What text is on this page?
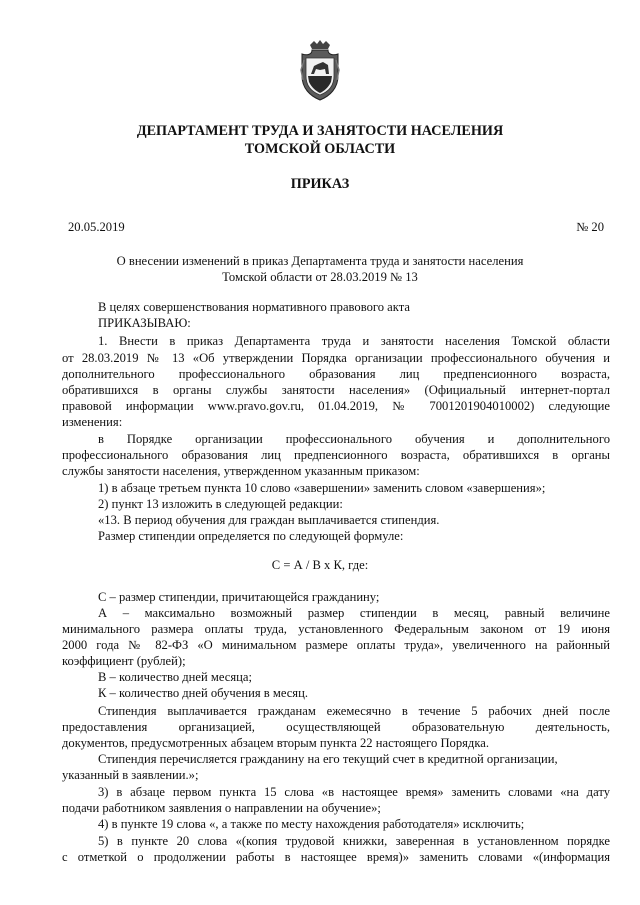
ДЕПАРТАМЕНТ ТРУДА И ЗАНЯТОСТИ НАСЕЛЕНИЯ
ТОМСКОЙ ОБЛАСТИ
ПРИКАЗ
20.05.2019	№ 20
О внесении изменений в приказ Департамента труда и занятости населения
Томской области от 28.03.2019 № 13
В целях совершенствования нормативного правового акта
ПРИКАЗЫВАЮ:
1. Внести в приказ Департамента труда и занятости населения Томской области
от 28.03.2019 № 13 «Об утверждении Порядка организации профессионального обучения и
дополнительного профессионального образования лиц предпенсионного возраста,
обратившихся в органы службы занятости населения» (Официальный интернет-портал
правовой информации www.pravo.gov.ru, 01.04.2019, № 7001201904010002) следующие
изменения:
в Порядке организации профессионального обучения и дополнительного
профессионального образования лиц предпенсионного возраста, обратившихся в органы
службы занятости населения, утвержденном указанным приказом:
1) в абзаце третьем пункта 10 слово «завершении» заменить словом «завершения»;
2) пункт 13 изложить в следующей редакции:
«13. В период обучения для граждан выплачивается стипендия.
Размер стипендии определяется по следующей формуле:
С = А / В х К, где:
С – размер стипендии, причитающейся гражданину;
А – максимально возможный размер стипендии в месяц, равный величине
минимального размера оплаты труда, установленного Федеральным законом от 19 июня
2000 года № 82-ФЗ «О минимальном размере оплаты труда», увеличенного на районный
коэффициент (рублей);
В – количество дней месяца;
К – количество дней обучения в месяц.
Стипендия выплачивается гражданам ежемесячно в течение 5 рабочих дней после
предоставления организацией, осуществляющей образовательную деятельность,
документов, предусмотренных абзацем вторым пункта 22 настоящего Порядка.
Стипендия перечисляется гражданину на его текущий счет в кредитной организации,
указанный в заявлении.»;
3) в абзаце первом пункта 15 слова «в настоящее время» заменить словами «на дату
подачи работником заявления о направлении на обучение»;
4) в пункте 19 слова «, а также по месту нахождения работодателя» исключить;
5) в пункте 20 слова «(копия трудовой книжки, заверенная в установленном порядке
с отметкой о продолжении работы в настоящее время)» заменить словами «(информация
